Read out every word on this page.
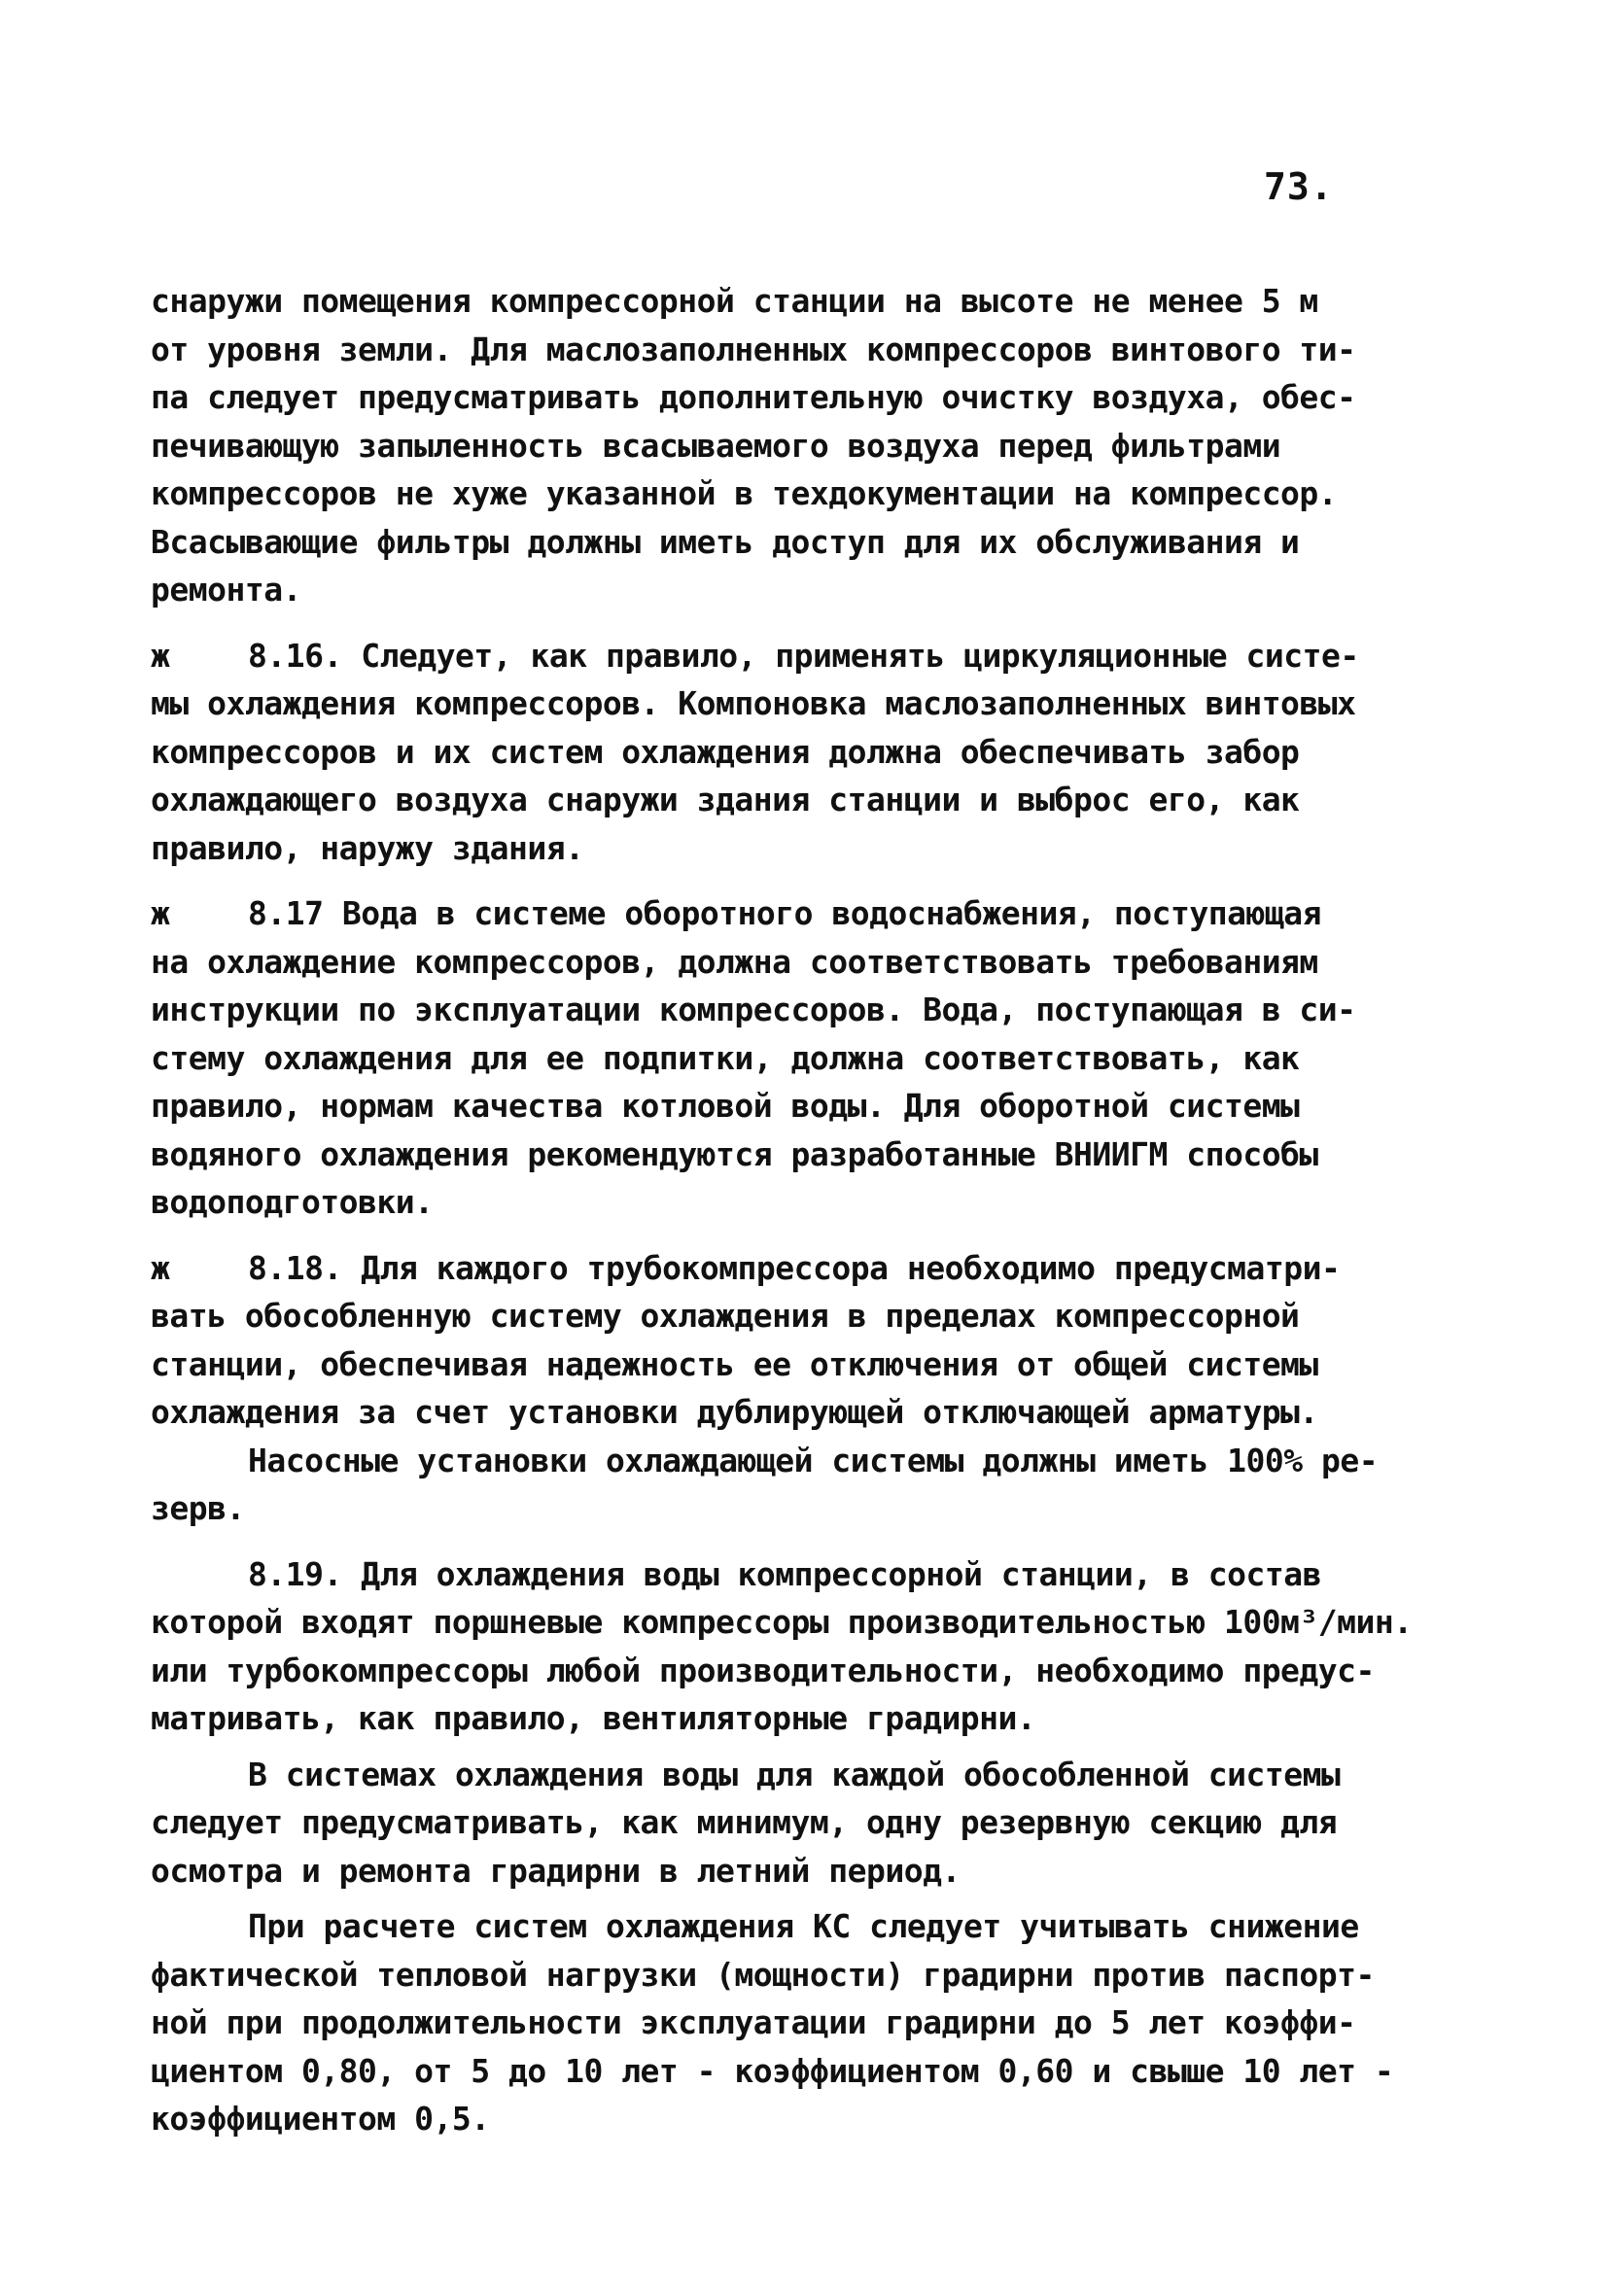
73.
снаружи помещения компрессорной станции на высоте не менее 5 м
от уровня земли. Для маслозаполненных компрессоров винтового ти-
па следует предусматривать дополнительную очистку воздуха, обес-
печивающую запыленность всасываемого воздуха перед фильтрами
компрессоров не хуже указанной в техдокументации на компрессор.
Всасывающие фильтры должны иметь доступ для их обслуживания и
ремонта.
ж 8.16. Следует, как правило, применять циркуляционные систе-
мы охлаждения компрессоров. Компоновка маслозаполненных винтовых
компрессоров и их систем охлаждения должна обеспечивать забор
охлаждающего воздуха снаружи здания станции и выброс его, как
правило, наружу здания.
ж 8.17 Вода в системе оборотного водоснабжения, поступающая
на охлаждение компрессоров, должна соответствовать требованиям
инструкции по эксплуатации компрессоров. Вода, поступающая в си-
стему охлаждения для ее подпитки, должна соответствовать, как
правило, нормам качества котловой воды. Для оборотной системы
водяного охлаждения рекомендуются разработанные ВНИИГМ способы
водоподготовки.
ж 8.18. Для каждого трубокомпрессора необходимо предусматри-
вать обособленную систему охлаждения в пределах компрессорной
станции, обеспечивая надежность ее отключения от общей системы
охлаждения за счет установки дублирующей отключающей арматуры.
Насосные установки охлаждающей системы должны иметь 100% ре-
зерв.
8.19. Для охлаждения воды компрессорной станции, в состав
которой входят поршневые компрессоры производительностью 100м³/мин.
или турбокомпрессоры любой производительности, необходимо предус-
матривать, как правило, вентиляторные градирни.
В системах охлаждения воды для каждой обособленной системы
следует предусматривать, как минимум, одну резервную секцию для
осмотра и ремонта градирни в летний период.
При расчете систем охлаждения КС следует учитывать снижение
фактической тепловой нагрузки (мощности) градирни против паспорт-
ной при продолжительности эксплуатации градирни до 5 лет коэффи-
циентом 0,80, от 5 до 10 лет - коэффициентом 0,60 и свыше 10 лет -
коэффициентом 0,5.
